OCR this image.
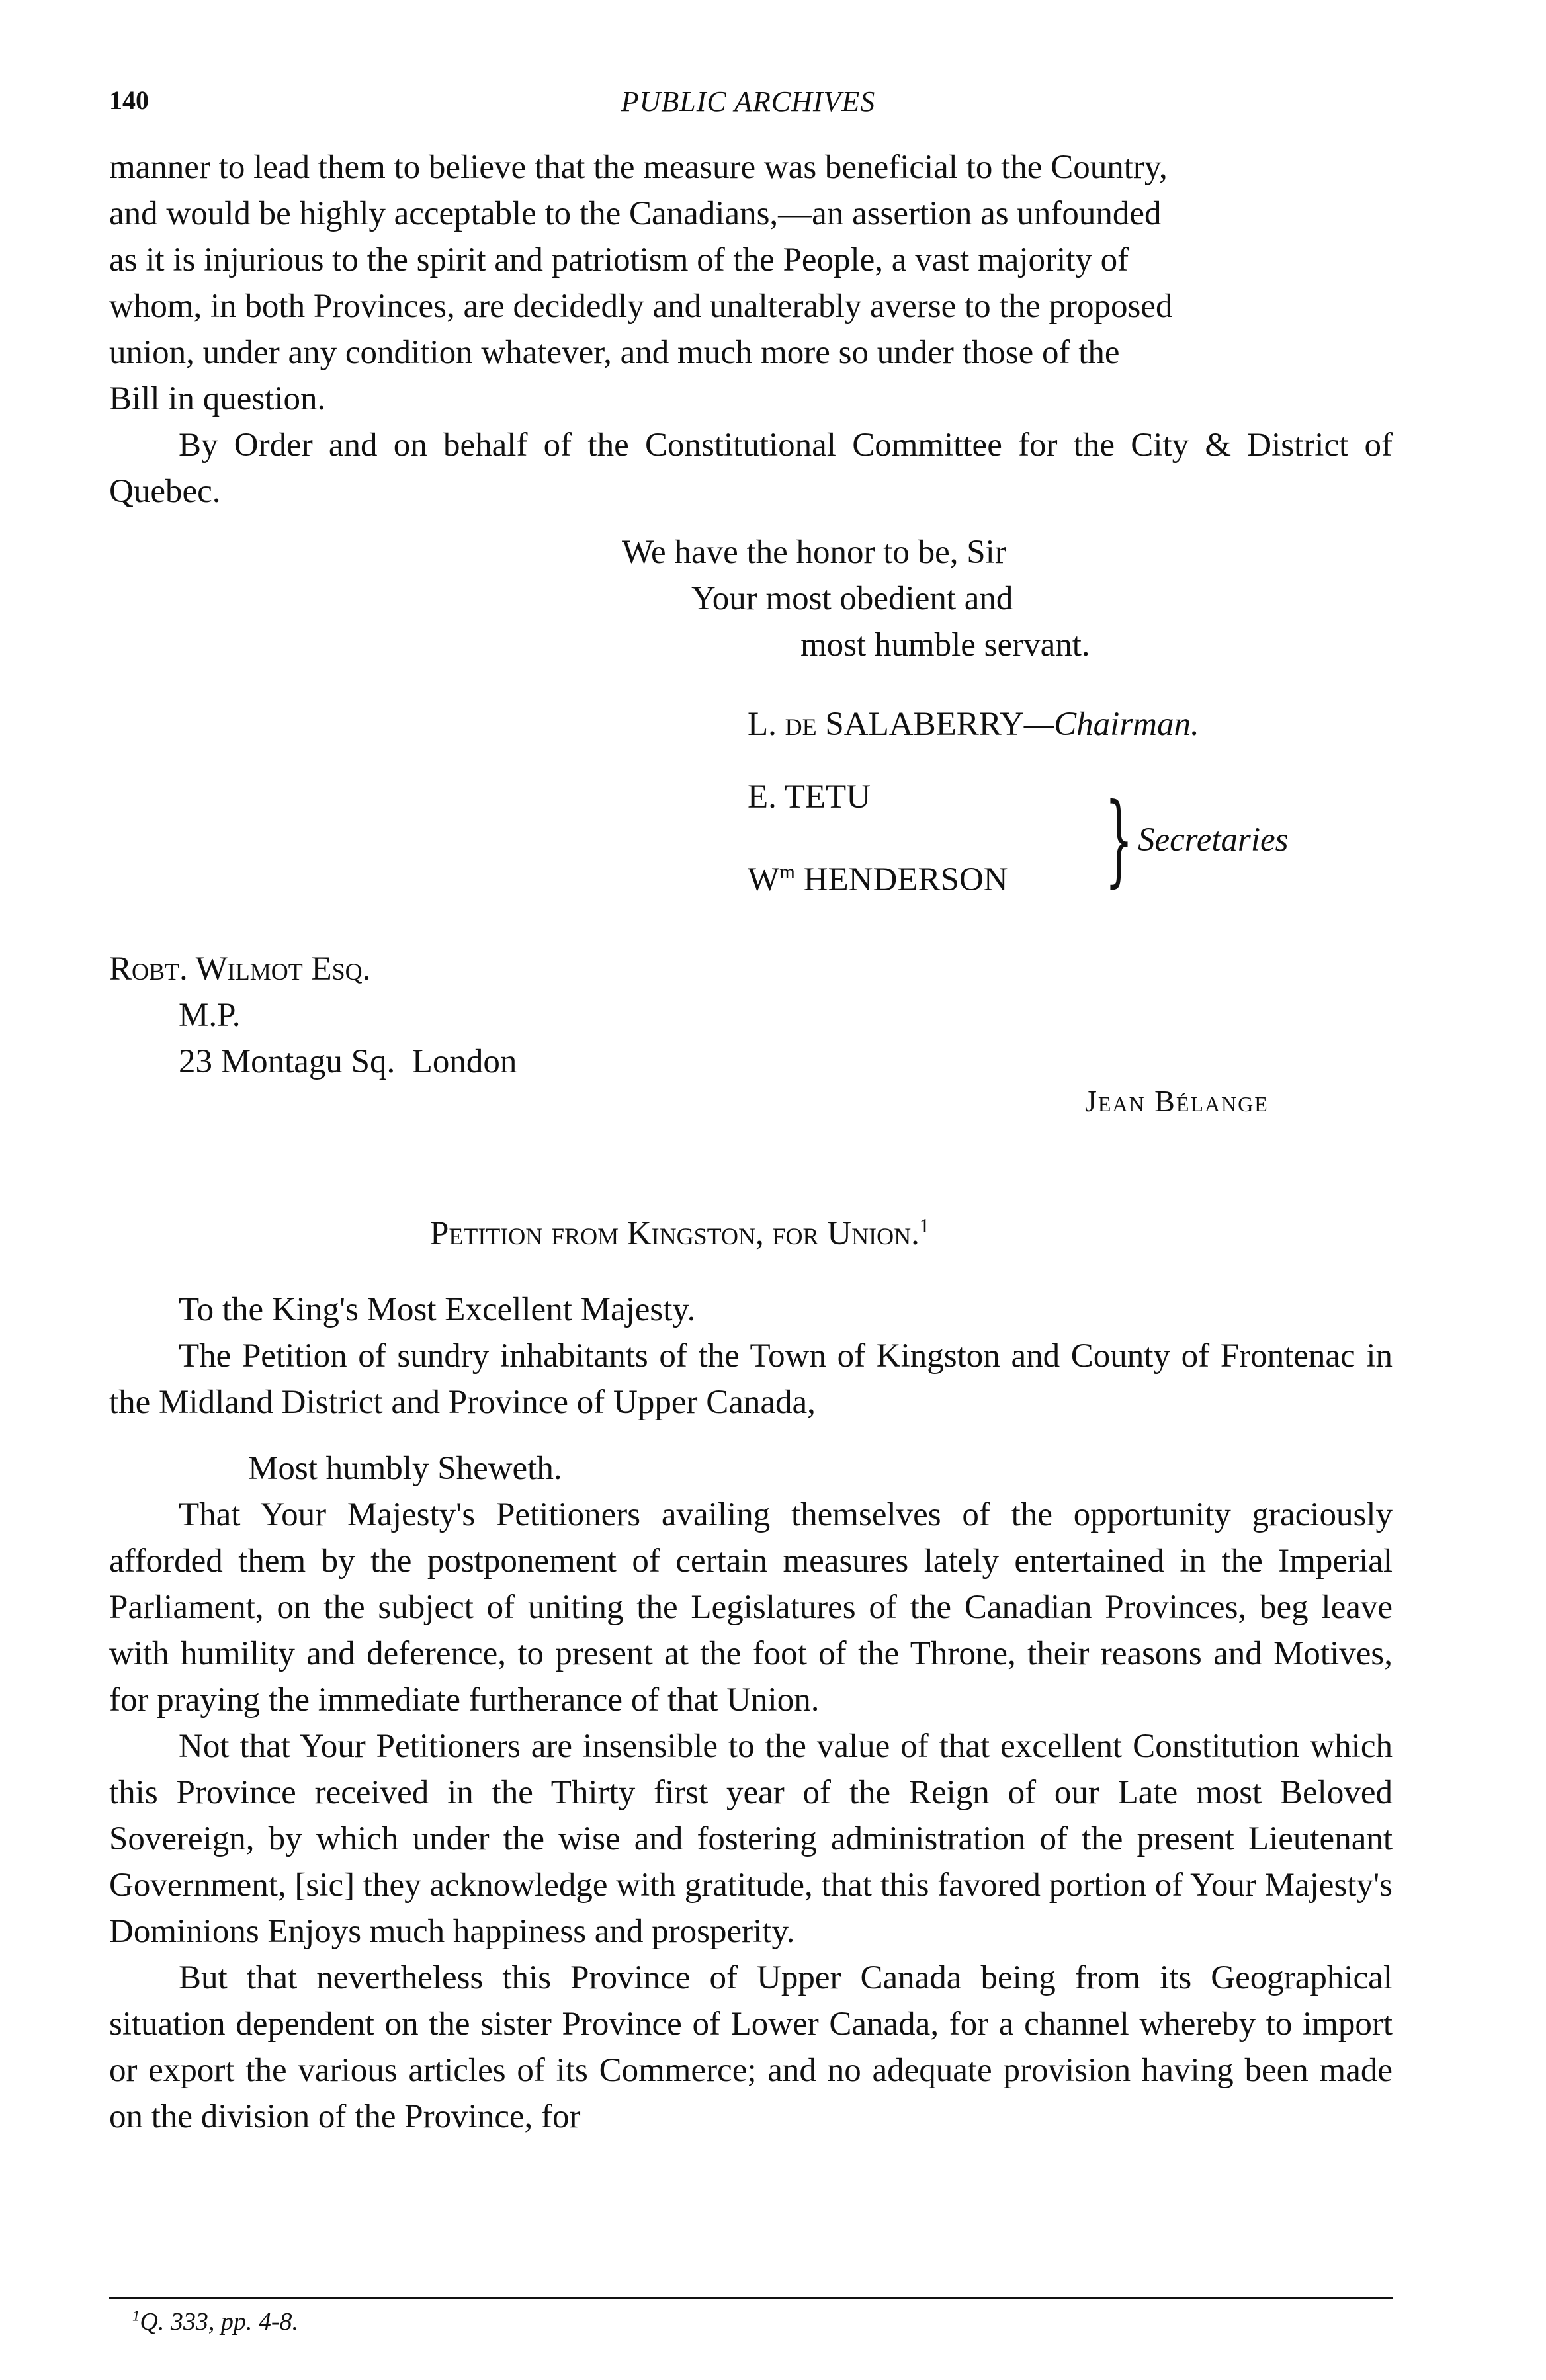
140	PUBLIC ARCHIVES
manner to lead them to believe that the measure was beneficial to the Country,
and would be highly acceptable to the Canadians,—an assertion as unfounded
as it is injurious to the spirit and patriotism of the People, a vast majority of
whom, in both Provinces, are decidedly and unalterably averse to the proposed
union, under any condition whatever, and much more so under those of the
Bill in question.
By Order and on behalf of the Constitutional Committee for the City & District of Quebec.
We have the honor to be, Sir
Your most obedient and
most humble servant.
L. de SALABERRY—Chairman.
E. TETU
$W^m$ HENDERSON } Secretaries
Robt. Wilmot Esq.
M.P.
23 Montagu Sq.  London
Jean Bélange
Petition from Kingston, for Union.$^1$
To the King's Most Excellent Majesty.
The Petition of sundry inhabitants of the Town of Kingston and County of Frontenac in the Midland District and Province of Upper Canada,
Most humbly Sheweth.
That Your Majesty's Petitioners availing themselves of the opportunity graciously afforded them by the postponement of certain measures lately entertained in the Imperial Parliament, on the subject of uniting the Legislatures of the Canadian Provinces, beg leave with humility and deference, to present at the foot of the Throne, their reasons and Motives, for praying the immediate furtherance of that Union.
Not that Your Petitioners are insensible to the value of that excellent Constitution which this Province received in the Thirty first year of the Reign of our Late most Beloved Sovereign, by which under the wise and fostering administration of the present Lieutenant Government, [sic] they acknowledge with gratitude, that this favored portion of Your Majesty's Dominions Enjoys much happiness and prosperity.
But that nevertheless this Province of Upper Canada being from its Geographical situation dependent on the sister Province of Lower Canada, for a channel whereby to import or export the various articles of its Commerce; and no adequate provision having been made on the division of the Province, for
$^1$Q. 333, pp. 4-8.
